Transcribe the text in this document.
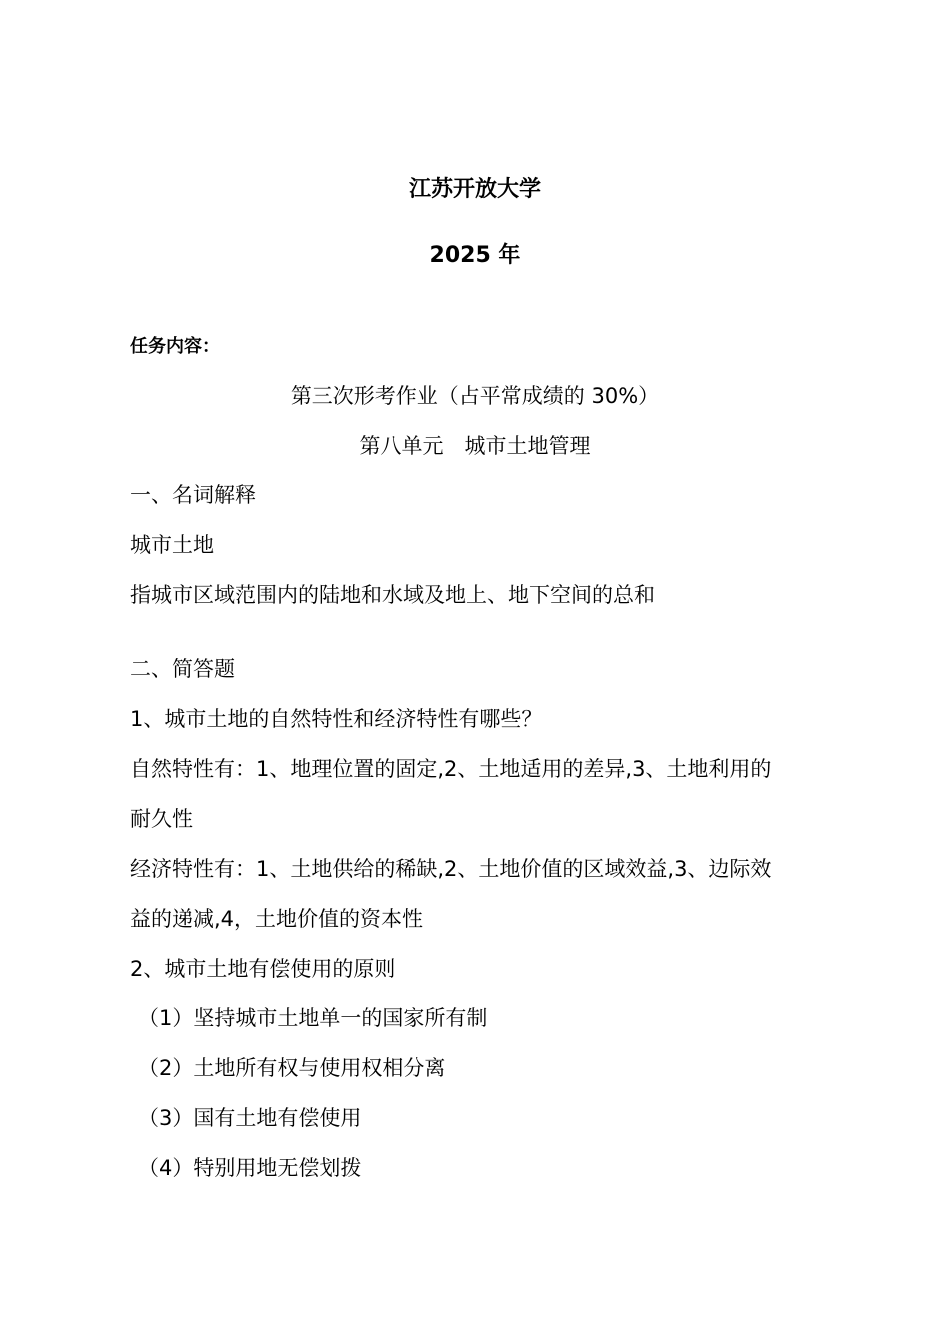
江苏开放大学
2025 年
任务内容：
第三次形考作业（占平常成绩的 30%）
第八单元　城市土地管理
一、名词解释
城市土地
指城市区域范围内的陆地和水域及地上、地下空间的总和
二、简答题
1、城市土地的自然特性和经济特性有哪些？
自然特性有：1、地理位置的固定,2、土地适用的差异,3、土地利用的
耐久性
经济特性有：1、土地供给的稀缺,2、土地价值的区域效益,3、边际效
益的递减,4，土地价值的资本性
2、城市土地有偿使用的原则
（1）坚持城市土地单一的国家所有制
（2）土地所有权与使用权相分离
（3）国有土地有偿使用
（4）特别用地无偿划拨
